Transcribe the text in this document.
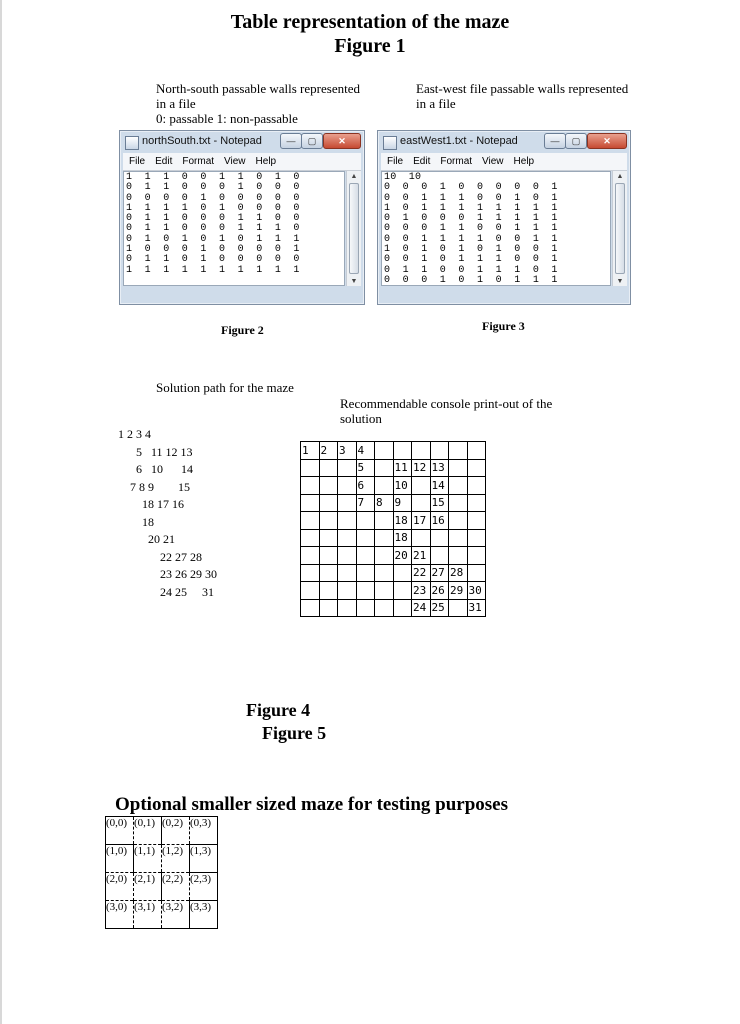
Table representation of the maze
Figure 1
North-south passable walls represented
in a file
0: passable 1: non-passable
East-west file passable walls represented
in a file
northSouth.txt - Notepad	—	▢	✕
File Edit Format View Help
1  1  1  0  0  1  1  0  1  0
0  1  1  0  0  0  1  0  0  0
0  0  0  0  1  0  0  0  0  0
1  1  1  1  0  1  0  0  0  0
0  1  1  0  0  0  1  1  0  0
0  1  1  0  0  0  1  1  1  0
0  1  0  1  0  1  0  1  1  1
1  0  0  0  1  0  0  0  0  1
0  1  1  0  1  0  0  0  0  0
1  1  1  1  1  1  1  1  1  1
▲
▼
eastWest1.txt - Notepad	—	▢	✕
File Edit Format View Help
10  10
0  0  0  1  0  0  0  0  0  1
0  0  1  1  1  0  0  1  0  1
1  0  1  1  1  1  1  1  1  1
0  1  0  0  0  1  1  1  1  1
0  0  0  1  1  0  0  1  1  1
0  0  1  1  1  1  0  0  1  1
1  0  1  0  1  0  1  0  0  1
0  0  1  0  1  1  1  0  0  1
0  1  1  0  0  1  1  1  0  1
0  0  0  1  0  1  0  1  1  1
▲
▼
Figure 2	Figure 3
Solution path for the maze
1 2 3 4
5   11 12 13
6   10      14
7 8 9        15
18 17 16
18
20 21
22 27 28
23 26 29 30
24 25     31
Recommendable console print-out of the
solution
1	2	3	4						
			5		11	12	13		
			6		10		14		
			7	8	9		15		
					18	17	16		
					18				
					20	21			
						22	27	28	
						23	26	29	30
						24	25		31
Figure 4
Figure 5
Optional smaller sized maze for testing purposes
(0,0)	(0,1)	(0,2)	(0,3)
(1,0)	(1,1)	(1,2)	(1,3)
(2,0)	(2,1)	(2,2)	(2,3)
(3,0)	(3,1)	(3,2)	(3,3)
